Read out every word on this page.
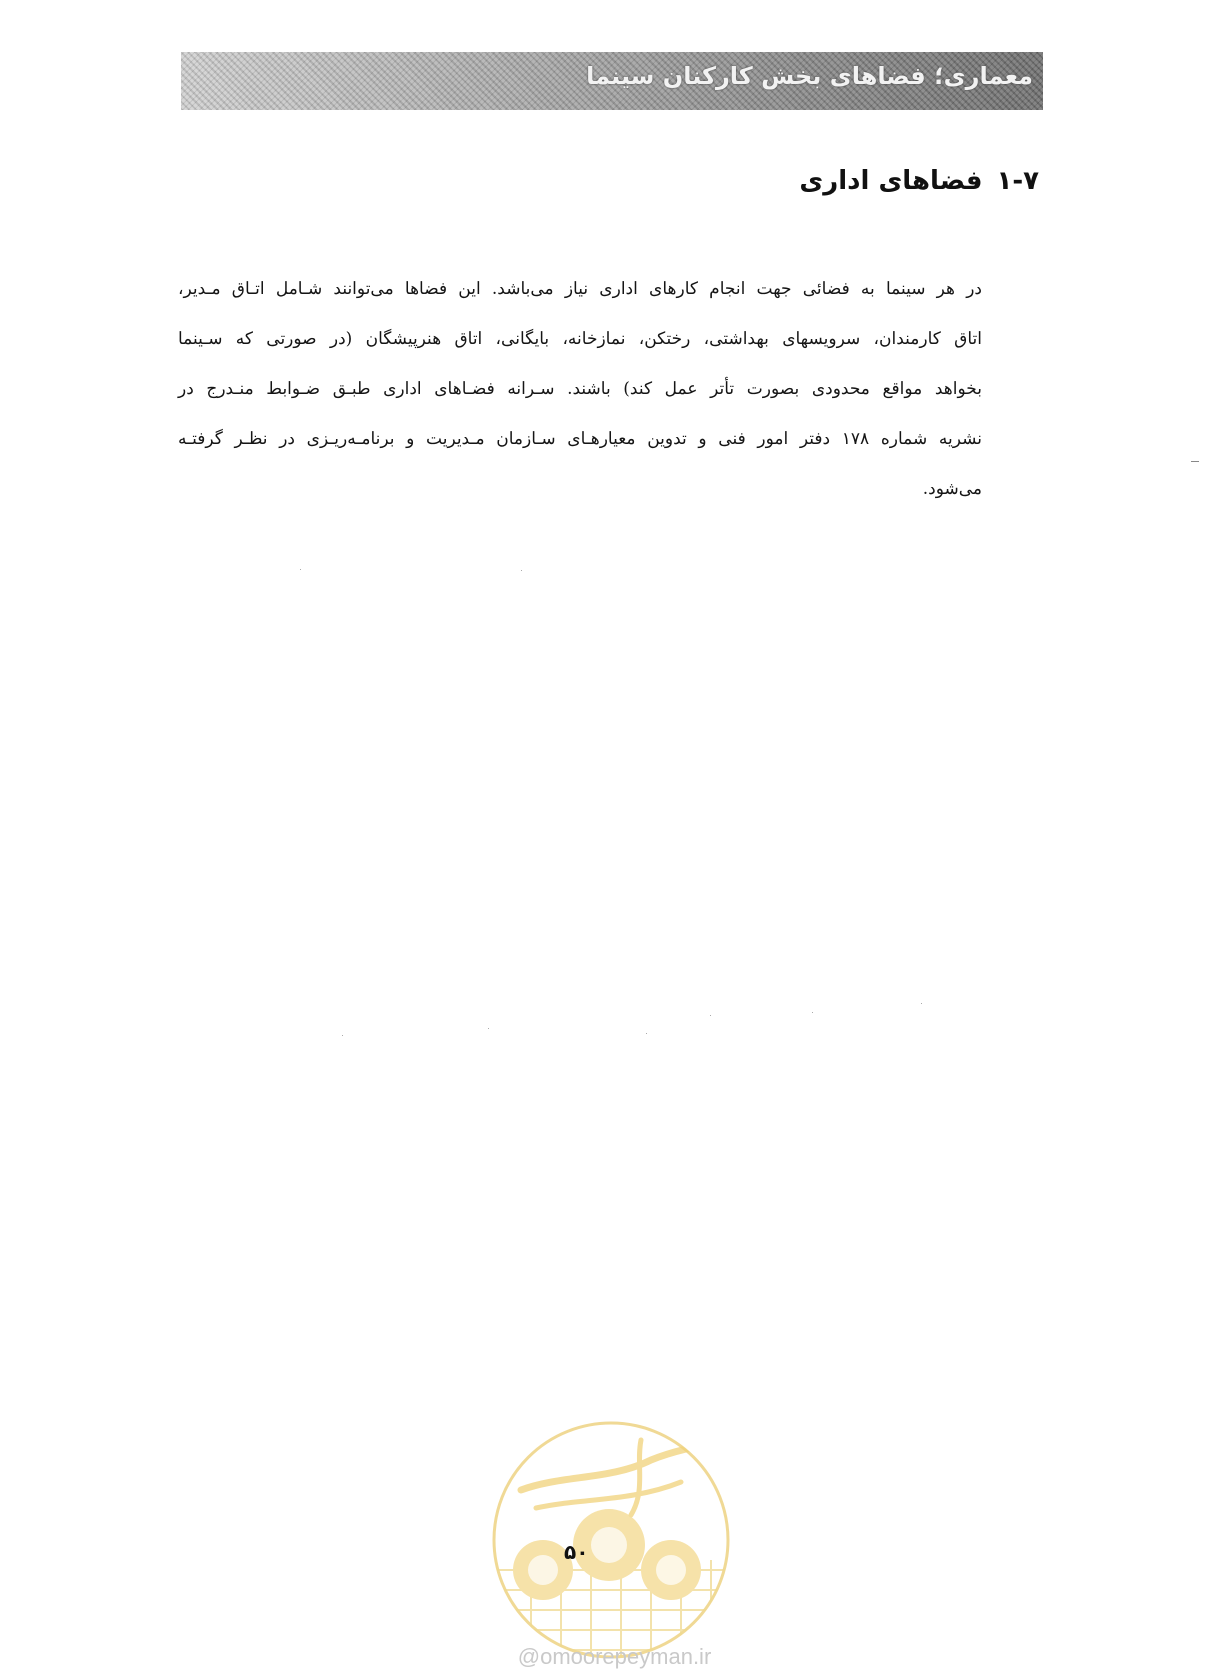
معماری؛ فضاهای بخش کارکنان سینما
۱-۷فضاهای اداری
در هر سینما به فضائی جهت انجام کارهای اداری نیاز می‌باشد. این فضاها می‌توانند شـامل اتـاق مـدیر،
اتاق کارمندان، سرویسهای بهداشتی، رختکن، نمازخانه، بایگانی، اتاق هنرپیشگان (در صورتی که سـینما
بخواهد مواقع محدودی بصورت تأتر عمل کند) باشند. سـرانه فضـاهای اداری طبـق ضـوابط منـدرج در
نشریه شماره ۱۷۸ دفتر امور فنی و تدوین معیارهـای سـازمان مـدیریت و برنامـه‌ریـزی در نظـر گرفتـه
می‌شود.
۵۰
@omoorepeyman.ir
